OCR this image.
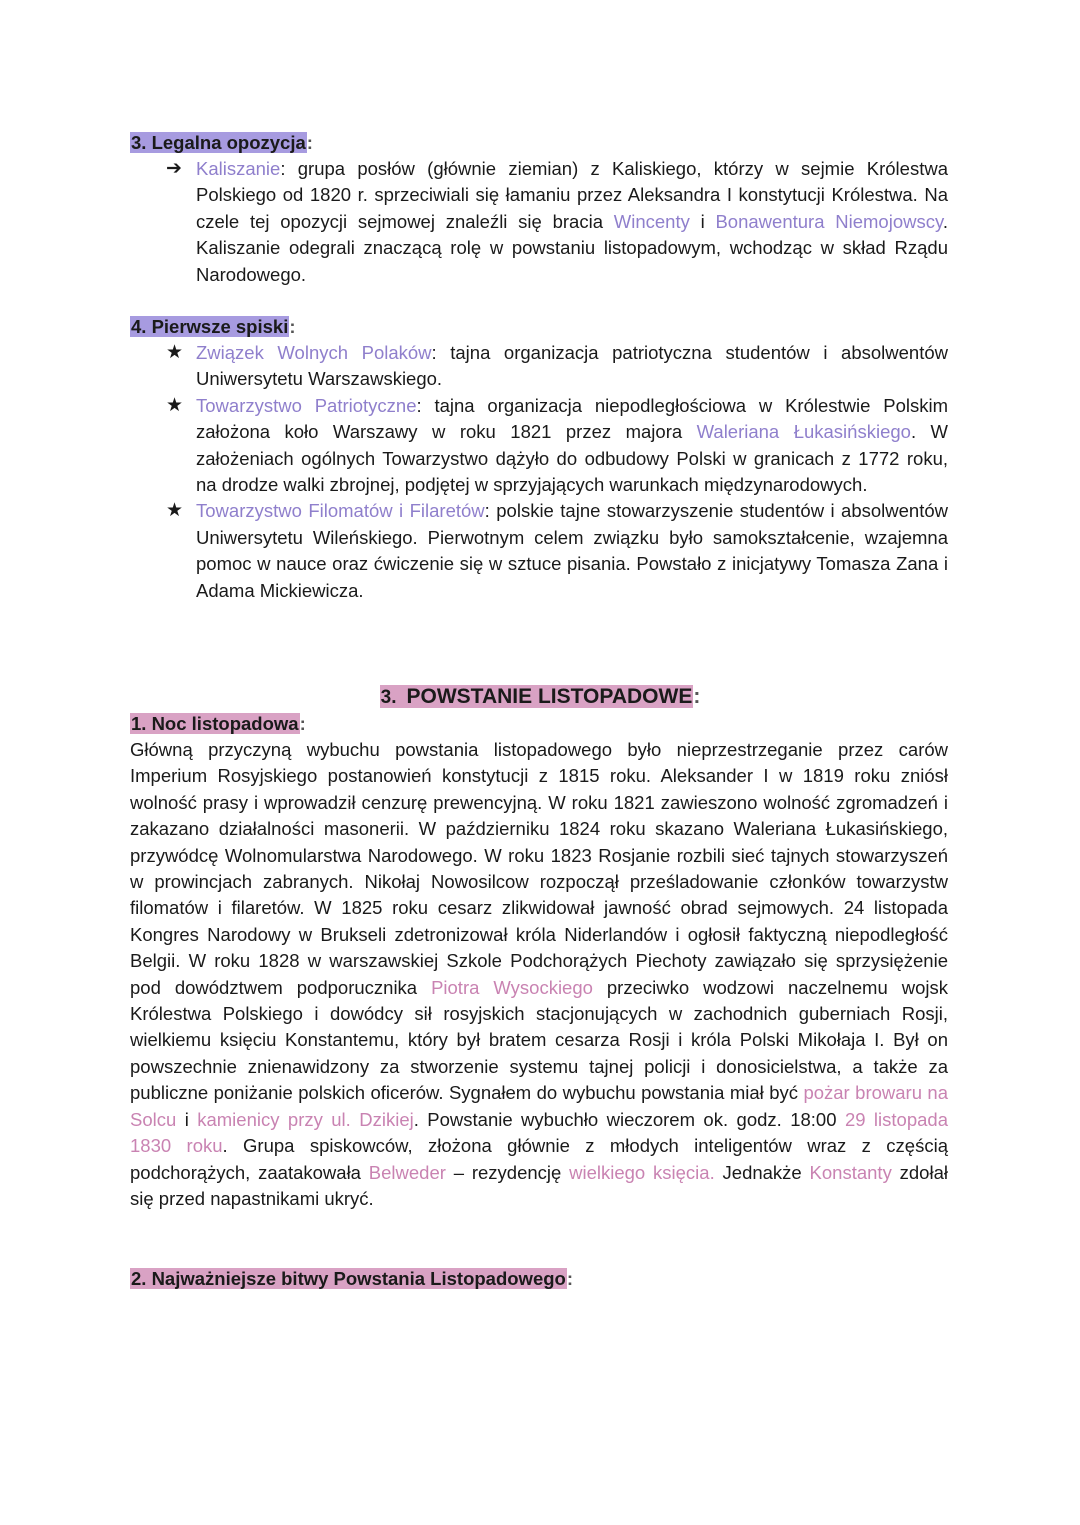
3. Legalna opozycja:
➔ Kaliszanie: grupa posłów (głównie ziemian) z Kaliskiego, którzy w sejmie Królestwa Polskiego od 1820 r. sprzeciwiali się łamaniu przez Aleksandra I konstytucji Królestwa. Na czele tej opozycji sejmowej znaleźli się bracia Wincenty i Bonawentura Niemojowscy. Kaliszanie odegrali znaczącą rolę w powstaniu listopadowym, wchodząc w skład Rządu Narodowego.
4. Pierwsze spiski:
★ Związek Wolnych Polaków: tajna organizacja patriotyczna studentów i absolwentów Uniwersytetu Warszawskiego.
★ Towarzystwo Patriotyczne: tajna organizacja niepodległościowa w Królestwie Polskim założona koło Warszawy w roku 1821 przez majora Waleriana Łukasińskiego. W założeniach ogólnych Towarzystwo dążyło do odbudowy Polski w granicach z 1772 roku, na drodze walki zbrojnej, podjętej w sprzyjających warunkach międzynarodowych.
★ Towarzystwo Filomatów i Filaretów: polskie tajne stowarzyszenie studentów i absolwentów Uniwersytetu Wileńskiego. Pierwotnym celem związku było samokształcenie, wzajemna pomoc w nauce oraz ćwiczenie się w sztuce pisania. Powstało z inicjatywy Tomasza Zana i Adama Mickiewicza.
3. POWSTANIE LISTOPADOWE:
1. Noc listopadowa:

Główną przyczyną wybuchu powstania listopadowego było nieprzestrzeganie przez carów Imperium Rosyjskiego postanowień konstytucji z 1815 roku. Aleksander I w 1819 roku zniósł wolność prasy i wprowadził cenzurę prewencyjną. W roku 1821 zawieszono wolność zgromadzeń i zakazano działalności masonerii. W październiku 1824 roku skazano Waleriana Łukasińskiego, przywódcę Wolnomularstwa Narodowego. W roku 1823 Rosjanie rozbili sieć tajnych stowarzyszeń w prowincjach zabranych. Nikołaj Nowosilcow rozpoczął prześladowanie członków towarzystw filomatów i filaretów. W 1825 roku cesarz zlikwidował jawność obrad sejmowych. 24 listopada Kongres Narodowy w Brukseli zdetronizował króla Niderlandów i ogłosił faktyczną niepodległość Belgii. W roku 1828 w warszawskiej Szkole Podchorążych Piechoty zawiązało się sprzysiężenie pod dowództwem podporucznika Piotra Wysockiego przeciwko wodzowi naczelnemu wojsk Królestwa Polskiego i dowódcy sił rosyjskich stacjonujących w zachodnich guberniach Rosji, wielkiemu księciu Konstantemu, który był bratem cesarza Rosji i króla Polski Mikołaja I. Był on powszechnie znienawidzony za stworzenie systemu tajnej policji i donosicielstwa, a także za publiczne poniżanie polskich oficerów. Sygnałem do wybuchu powstania miał być pożar browaru na Solcu i kamienicy przy ul. Dzikiej. Powstanie wybuchło wieczorem ok. godz. 18:00 29 listopada 1830 roku. Grupa spiskowców, złożona głównie z młodych inteligentów wraz z częścią podchorążych, zaatakowała Belweder – rezydencję wielkiego księcia. Jednakże Konstanty zdołał się przed napastnikami ukryć.

2. Najważniejsze bitwy Powstania Listopadowego:
